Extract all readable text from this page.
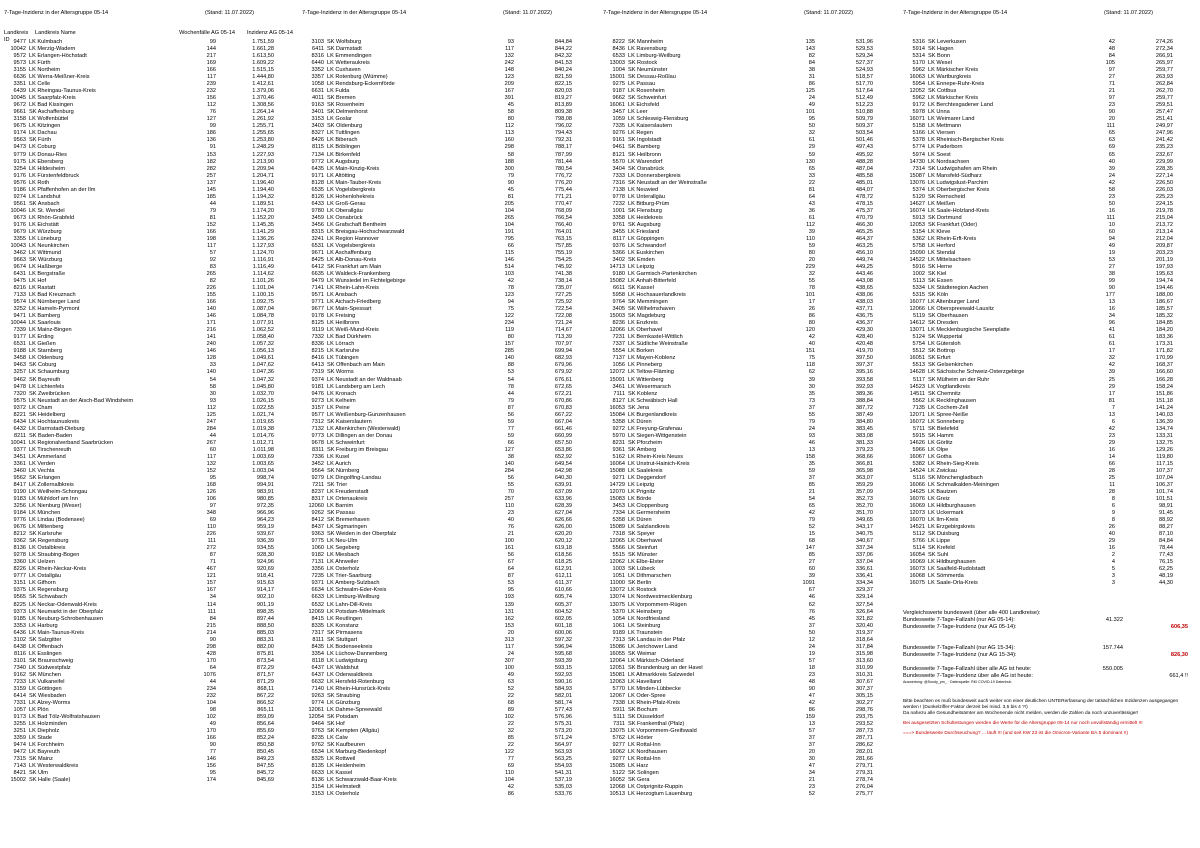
7-Tage-Inzidenz in der Altersgruppe 05-14	(Stand: 11.07.2022)
Landkreis ID
Landkreis Name	Wochenfälle AG 05-14	Inzidenz AG 05-14
9477 LK Kulmbach	99	1.751,59
10042 LK Merzig-Wadern	144	1.661,28
9572 LK Erlangen-Höchstadt	217	1.613,50
9573 LK Fürth	169	1.609,22
3155 LK Northeim	166	1.515,15
6636 LK Werra-Meißner-Kreis	117	1.444,80
3351 LK Celle	239	1.412,61
6439 LK Rheingau-Taunus-Kreis	232	1.379,06
10045 LK Saarpfalz-Kreis	156	1.370,46
9672 LK Bad Kissingen	112	1.308,56
9661 SK Aschaffenburg	76	1.264,14
3158 LK Wolfenbüttel	127	1.261,92
9675 LK Kitzingen	99	1.255,71
9174 LK Dachau	186	1.255,65
9563 SK Fürth	136	1.253,80
9473 LK Coburg	91	1.248,29
9779 LK Donau-Ries	153	1.227,93
9175 LK Ebersberg	182	1.213,90
3254 LK Hildesheim	282	1.209,94
9176 LK Fürstenfeldbruck	257	1.204,71
9576 LK Roth	137	1.196,40
9186 LK Pfaffenhofen an der Ilm	145	1.194,40
9274 LK Landshut	185	1.194,32
9561 SK Ansbach	44	1.189,51
10046 LK St. Wendel	79	1.174,20
9673 LK Rhön-Grabfeld	81	1.152,20
9176 LK Eichstätt	152	1.145,35
9679 LK Würzburg	166	1.141,29
3355 LK Lüneburg	198	1.136,26
10043 LK Neunkirchen	117	1.127,93
3462 LK Wittmund	57	1.124,70
9663 SK Würzburg	92	1.116,91
9674 LK Haßberge	83	1.116,49
6431 LK Bergstraße	265	1.114,62
9475 LK Hof	82	1.101,26
8216 LK Rastatt	226	1.101,04
7133 LK Bad Kreuznach	155	1.100,15
9574 LK Nürnberger Land	166	1.092,75
3252 LK Hameln-Pyrmont	140	1.087,04
9471 LK Bamberg	146	1.084,78
10044 LK Saarlouis	171	1.077,91
7339 LK Mainz-Bingen	216	1.062,52
9177 LK Erding	141	1.058,40
6531 LK Gießen	240	1.057,32
9188 LK Starnberg	146	1.056,13
3458 LK Oldenburg	128	1.049,61
9463 SK Coburg	33	1.047,62
3257 LK Schaumburg	140	1.047,36
9462 SK Bayreuth	54	1.047,32
9478 LK Lichtenfels	58	1.045,80
7320 SK Zweibrücken	30	1.032,70
9575 LK Neustadt an der Aisch-Bad Windsheim	93	1.026,15
9372 LK Cham	112	1.022,55
8221 SK Heidelberg	125	1.021,74
6434 LK Hochtaunuskreis	247	1.019,65
6432 LK Darmstadt-Dieburg	284	1.019,38
8211 SK Baden-Baden	44	1.014,76
10041 LK Regionalverband Saarbrücken	267	1.012,71
9377 LK Tirschenreuth	60	1.011,98
3451 LK Ammerland	117	1.003,69
3361 LK Verden	132	1.003,65
3460 LK Vechta	152	1.003,04
9562 SK Erlangen	95	998,74
8417 LK Zollernalbkreis	168	994,91
9190 LK Weilheim-Schongau	126	983,91
9183 LK Mühldorf am Inn	106	980,85
3256 LK Nienburg (Weser)	97	972,35
9184 LK München	348	966,96
9776 LK Lindau (Bodensee)	69	964,23
9676 LK Miltenberg	110	959,19
8212 SK Karlsruhe	226	939,67
9362 SK Regensburg	111	936,39
8136 LK Ostalbkreis	272	934,55
9278 LK Straubing-Bogen	87	928,30
3360 LK Uelzen	71	924,96
8226 LK Rhein-Neckar-Kreis	467	920,69
9777 LK Ostallgäu	121	918,41
3151 LK Gifhorn	157	915,63
9375 LK Regensburg	167	914,17
9565 SK Schwabach	34	902,10
8225 LK Neckar-Odenwald-Kreis	114	901,19
9373 LK Neumarkt in der Oberpfalz	111	898,35
9185 LK Neuburg-Schrobenhausen	84	897,44
3353 LK Harburg	215	888,50
6436 LK Main-Taunus-Kreis	214	885,03
3102 SK Salzgitter	90	883,31
6438 LK Offenbach	298	882,00
8116 LK Esslingen	428	875,81
3101 SK Braunschweig	170	873,54
7340 LK Südwestpfalz	64	872,29
9162 SK München	1076	871,57
7233 LK Vulkaneifel	44	871,29
3159 LK Göttingen	234	868,11
6414 SK Wiesbaden	232	867,22
7331 LK Alzey-Worms	104	866,52
1057 LK Plön	98	865,11
9173 LK Bad Tölz-Wolfratshausen	102	859,09
3255 LK Holzminden	49	856,64
3251 LK Diepholz	170	855,69
3359 LK Stade	166	852,24
9474 LK Forchheim	90	850,58
9472 LK Bayreuth	77	850,45
7315 SK Mainz	146	849,23
7143 LK Westerwaldkreis	156	847,55
8421 SK Ulm	95	845,72
15002 SK Halle (Saale)	174	845,69
7-Tage-Inzidenz in der Altersgruppe 05-14	(Stand: 11.07.2022)
3103 SK Wolfsburg	93	844,84
6411 SK Darmstadt	117	844,22
8316 LK Emmendingen	132	842,32
6440 LK Wetteraukreis	242	841,53
3352 LK Cuxhaven	148	840,24
3357 LK Rotenburg (Wümme)	123	821,59
1058 LK Rendsburg-Eckernförde	209	822,15
6631 LK Fulda	167	820,03
4011 SK Bremen	391	819,27
9163 SK Rosenheim	45	813,89
3401 SK Delmenhorst	58	809,38
3153 LK Goslar	80	798,08
3403 SK Oldenburg	112	796,02
8327 LK Tuttlingen	113	794,43
8426 LK Biberach	160	792,31
8115 LK Böblingen	298	788,17
7134 LK Birkenfeld	58	787,99
9772 LK Augsburg	188	781,44
6435 LK Main-Kinzig-Kreis	300	780,54
9171 LK Altötting	79	776,72
8128 LK Main-Tauber-Kreis	90	776,20
6535 LK Vogelsbergkreis	45	775,44
8126 LK Hohenlohekreis	81	771,21
6433 LK Groß-Gerau	205	770,47
9780 LK Oberallgäu	104	768,09
3459 LK Osnabrück	265	766,54
3456 LK Grafschaft Bentheim	104	766,40
8315 LK Breisgau-Hochschwarzwald	191	764,01
3241 LK Region Hannover	795	763,15
6531 LK Vogelsbergkreis	66	757,85
9671 LK Aschaffenburg	115	755,19
8425 LK Alb-Donau-Kreis	146	754,25
6412 SK Frankfurt am Main	514	745,92
6635 LK Waldeck-Frankenberg	103	741,38
9479 LK Wunsiedel im Fichtelgebirge	42	738,14
7141 LK Rhein-Lahn-Kreis	78	735,07
9571 LK Ansbach	123	727,25
9771 LK Aichach-Friedberg	94	725,92
9677 LK Main-Spessart	75	722,54
9178 LK Freising	122	722,08
8125 LK Heilbronn	234	721,24
9119 LK Weiß-Mund-Kreis	119	714,67
7332 LK Bad Dürkheim	80	713,39
8336 LK Lörrach	157	707,97
8215 LK Karlsruhe	285	699,94
8416 LK Tübingen	140	682,93
6413 SK Offenbach am Main	88	679,96
7319 SK Worms	53	679,92
9374 LK Neustadt an der Waldnaab	54	676,61
9181 LK Landsberg am Lech	78	672,65
9476 LK Kronach	44	672,21
9273 LK Kelheim	79	670,86
3157 LK Peine	87	670,83
9577 LK Weißenburg-Gunzenhausen	56	667,22
7312 SK Kaiserslautern	59	667,04
7132 LK Altenkirchen (Westerwald)	77	661,46
9773 LK Dillingen an der Donau	59	660,99
9678 LK Schweinfurt	66	657,50
8311 SK Freiburg im Breisgau	127	653,86
7336 LK Kusel	38	652,92
3452 LK Aurich	140	649,54
9564 SK Nürnberg	284	642,98
9279 LK Dingolfing-Landau	56	640,30
7211 SK Trier	55	639,91
8237 LK Freudenstadt	70	637,09
8317 LK Ortenaukreis	257	633,96
12060 LK Barnim	110	628,39
9262 SK Passau	23	627,04
8412 SK Bremerhaven	40	626,66
8437 LK Sigmaringen	76	626,00
9363 SK Weiden in der Oberpfalz	21	620,20
9775 LK Neu-Ulm	100	620,12
1060 LK Segeberg	161	619,18
9182 LK Miesbach	56	618,56
7131 LK Ahrweiler	67	618,25
3356 LK Osterholz	64	612,91
7235 LK Trier-Saarburg	87	612,11
9371 LK Amberg-Sulzbach	53	611,37
6634 LK Schwalm-Eder-Kreis	95	610,66
6633 LK Limburg-Weilburg	193	605,74
6532 LK Lahn-Dill-Kreis	139	605,37
12069 LK Potsdam-Mittelmark	131	604,52
8415 LK Reutlingen	162	602,05
8335 LK Konstanz	153	601,18
7317 SK Pirmasens	20	600,06
8111 SK Stuttgart	313	597,32
8435 LK Bodenseekreis	117	596,94
3354 LK Lüchow-Dannenberg	24	595,68
8118 LK Ludwigsburg	307	593,39
6437 LK Waldshut	100	593,15
6437 LK Odenwaldkreis	49	592,93
6632 LK Hersfeld-Rotenburg	63	590,16
7140 LK Rhein-Hunsrück-Kreis	52	584,93
9263 SK Straubing	22	582,01
9774 LK Günzburg	68	581,74
12061 LK Dahme-Spreewald	89	577,43
12054 SK Potsdam	102	576,96
9464 SK Hof	22	575,31
9763 SK Kempten (Allgäu)	32	573,20
8235 LK Calw	85	571,24
9762 SK Kaufbeuren	22	564,97
6534 LK Marburg-Biedenkopf	122	563,93
8325 LK Rottweil	77	563,25
8135 LK Heidenheim	69	554,93
6633 LK Kassel	110	541,31
8136 LK Schwarzwald-Baar-Kreis	104	537,19
3154 LK Helmstedt	42	535,03
3153 LK Osterholz	86	533,76
7-Tage-Inzidenz in der Altersgruppe 05-14	(Stand: 11.07.2022)
8222 SK Mannheim	135	531,96
8436 LK Ravensburg	143	529,53
6533 LK Limburg-Weilburg	82	529,34
13003 SK Rostock	84	527,37
1004 SK Neumünster	38	524,93
15001 SK Dessau-Roßlau	31	518,57
9275 LK Passau	86	517,70
9187 LK Rosenheim	125	517,64
9662 SK Schweinfurt	24	512,49
16061 LK Eichsfeld	49	512,23
3457 LK Leer	101	510,88
1059 LK Schleswig-Flensburg	95	509,79
7335 LK Kaiserslautern	50	509,37
9276 LK Regen	32	503,54
9161 SK Ingolstadt	61	501,46
9461 SK Bamberg	29	497,43
8121 SK Heilbronn	59	495,92
5570 LK Warendorf	130	488,28
3404 SK Osnabrück	65	487,04
7333 LK Donnersbergkreis	33	485,58
7316 SK Neustadt an der Weinstraße	22	485,01
7138 LK Neuwied	81	484,07
9778 LK Unterallgäu	64	478,72
7232 LK Bitburg-Prüm	43	478,15
1001 SK Flensburg	36	475,37
3358 LK Heidekreis	61	470,79
9761 SK Augsburg	112	466,30
3455 LK Friesland	39	465,25
8117 LK Göppingen	110	464,37
9376 LK Schwandorf	59	463,25
5366 LK Euskirchen	80	456,10
3402 SK Emden	20	449,74
14713 LK Leipzig	229	449,25
9180 LK Garmisch-Partenkirchen	32	443,46
15082 LK Anhalt-Bitterfeld	55	443,08
6611 SK Kassel	78	438,65
5958 LK Hochsauerlandkreis	101	438,06
9764 SK Memmingen	17	438,03
3405 SK Wilhelmshaven	26	437,71
15003 SK Magdeburg	86	436,75
8236 LK Enzkreis	80	436,37
12066 LK Oberhavel	120	429,30
7231 LK Bernkastel-Wittlich	42	428,40
7337 LK Südliche Weinstraße	40	420,48
5554 LK Borken	151	419,70
7137 LK Mayen-Koblenz	75	397,50
1056 LK Pinneberg	118	397,37
12072 LK Teltow-Fläming	62	395,16
15091 LK Wittenberg	39	393,58
3461 LK Wesermarsch	30	392,93
7111 SK Koblenz	35	389,36
8127 LK Schwäbisch Hall	73	388,84
16053 SK Jena	37	387,72
15084 LK Burgenlandkreis	55	387,49
5358 LK Düren	79	384,80
9272 LK Freyung-Grafenau	24	383,45
5970 LK Siegen-Wittgenstein	93	383,08
8231 SK Pforzheim	46	381,33
9361 SK Amberg	13	379,23
5162 LK Rhein-Kreis Neuss	158	368,66
16064 LK Unstrut-Hainich-Kreis	35	366,81
15088 LK Saalekreis	59	365,98
9271 LK Deggendorf	37	363,07
14729 LK Leipzig	85	359,29
12070 LK Prignitz	21	357,09
15083 LK Börde	54	352,73
3453 LK Cloppenburg	65	352,70
7334 LK Germersheim	42	351,70
5358 LK Düren	79	349,65
15089 LK Salzlandkreis	52	343,17
7318 SK Speyer	15	340,75
12065 LK Oberhavel	68	340,67
5566 LK Steinfurt	147	337,34
5515 SK Münster	85	337,06
12062 LK Elbe-Elster	27	337,04
1003 SK Lübeck	60	336,61
1051 LK Dithmarschen	39	336,41
11000 SK Berlin	1091	334,34
13072 LK Rostock	67	329,37
13074 LK Nordwestmecklenburg	46	329,14
13075 LK Vorpommern-Rügen	62	327,54
5370 LK Heinsberg	76	326,64
1054 LK Nordfriesland	45	321,82
1061 LK Steinburg	37	320,40
9189 LK Traunstein	50	319,37
7313 SK Landau in der Pfalz	12	318,64
15086 LK Jerichower Land	24	317,84
16055 SK Weimar	19	315,98
12064 LK Märkisch-Oderland	57	313,60
12051 SK Brandenburg an der Havel	18	310,99
15081 LK Altmarkkreis Salzwedel	23	310,31
12063 LK Havelland	48	307,67
5770 LK Minden-Lübbecke	90	307,37
12067 LK Oder-Spree	47	305,15
7338 LK Rhein-Pfalz-Kreis	42	302,27
5911 SK Bochum	86	298,76
5111 SK Düsseldorf	159	293,75
7311 SK Frankenthal (Pfalz)	13	293,52
13075 LK Vorpommern-Greifswald	57	287,73
5762 LK Höxter	37	287,71
9277 LK Rottal-Inn	37	286,62
16062 LK Nordhausen	20	282,01
9277 LK Rottal-Inn	30	281,66
15085 LK Harz	47	279,71
5122 SK Solingen	34	279,31
16052 SK Gera	21	278,74
12068 LK Ostprignitz-Ruppin	23	276,04
10513 LK Herzogtum Lauenburg	52	275,77
7-Tage-Inzidenz in der Altersgruppe 05-14	(Stand: 11.07.2022)
5316 SK Leverkusen	42	274,26
5914 SK Hagen	48	272,34
5314 SK Bonn	84	266,91
5170 LK Wesel	105	265,97
5962 LK Märkischer Kreis	97	259,77
16063 LK Wartburgkreis	27	263,93
5954 LK Ennepe-Ruhr-Kreis	71	262,84
12052 SK Cottbus	21	262,70
5962 LK Märkischer Kreis	97	259,77
9172 LK Berchtesgadener Land	23	259,51
5978 LK Unna	90	257,47
16071 LK Weimarer Land	20	251,41
5158 LK Mettmann	111	249,97
5166 LK Viersen	65	247,96
5378 LK Rheinisch-Bergischer Kreis	63	241,42
5774 LK Paderborn	69	235,23
5974 LK Soest	65	232,67
14730 LK Nordsachsen	40	229,99
7314 SK Ludwigshafen am Rhein	39	228,35
15087 LK Mansfeld-Südharz	24	227,14
13076 LK Ludwigslust-Parchim	42	226,50
5374 LK Oberbergischer Kreis	58	226,03
5120 SK Remscheid	23	225,23
14627 LK Meißen	50	224,15
16074 LK Saale-Holzland-Kreis	16	219,78
5913 SK Dortmund	111	215,04
12053 SK Frankfurt (Oder)	10	213,72
5154 LK Kleve	60	213,14
5362 LK Rhein-Erft-Kreis	94	212,04
5758 LK Herford	49	209,87
15090 LK Stendal	19	203,23
14522 LK Mittelsachsen	53	201,19
5916 SK Herne	27	197,93
1002 SK Kiel	38	195,63
5113 SK Essen	99	194,74
5334 LK Städteregion Aachen	90	194,46
5315 SK Köln	177	188,00
16077 LK Altenburger Land	13	186,67
12066 LK Oberspreewald-Lausitz	16	185,57
5119 SK Oberhausen	34	185,32
14612 SK Dresden	96	184,85
13071 LK Mecklenburgische Seenplatte	41	184,20
5124 SK Wuppertal	61	183,36
5754 LK Gütersloh	61	173,31
5512 SK Bottrop	17	171,82
16051 SK Erfurt	32	170,99
5513 SK Gelsenkirchen	42	168,37
14628 LK Sächsische Schweiz-Osterzgebirge	39	166,60
5117 SK Mülheim an der Ruhr	25	166,28
14523 LK Vogtlandkreis	29	158,24
14511 SK Chemnitz	17	151,86
5562 LK Recklinghausen	81	151,18
7135 LK Cochem-Zell	7	141,24
12071 LK Spree-Neiße	13	140,03
16072 LK Sonneberg	6	136,39
5711 SK Bielefeld	42	134,74
5915 SK Hamm	23	133,31
14626 LK Görlitz	29	132,75
5966 LK Olpe	16	129,26
16067 LK Gotha	14	119,80
5382 LK Rhein-Sieg-Kreis	66	117,15
14524 LK Zwickau	28	107,37
5116 SK Mönchengladbach	25	107,04
16066 LK Schmalkalden-Meiningen	11	106,37
14625 LK Bautzen	28	101,74
16076 LK Greiz	8	101,51
16069 LK Hildburghausen	6	98,91
12073 LK Uckermark	9	91,45
16070 LK Ilm-Kreis	8	88,92
14521 LK Erzgebirgskreis	26	88,27
5112 SK Duisburg	40	87,10
5766 LK Lippe	29	84,84
5114 SK Krefeld	16	78,44
16054 SK Suhl	2	77,43
16069 LK Hildburghausen	4	76,15
16073 LK Saalfeld-Rudolstadt	5	62,25
16068 LK Sömmerda	3	48,19
16075 LK Saale-Orla-Kreis	3	44,30
Vergleichswerte bundesweit (über alle 400 Landkreise):
Bundesweite 7-Tage-Fallzahl (nur AG 05-14):	41.322
Bundesweite 7-Tage-Inzidenz (nur AG 05-14):	606,35
Bundesweite 7-Tage-Fallzahl (nur AG 15-34):	157.744
Bundesweite 7-Tage-Inzidenz (nur AG 15-34):	826,30
Bundesweite 7-Tage-Fallzahl über alle AG ist heute:	550.005
Bundesweite 7-Tage-Inzidenz über alle AG ist heute:	661,4 !!
Auswertung: @Sondy_pm_ · Datenquelle: RKI COVID-19 Datenhub
Bitte beachten es muß bundesweit auch weiter von einer deutlichen UNTERerfassung der tatsächlichen Inzidenzen ausgegangen werden ! (Dunkelziffer-Faktor derzeit bei mind. 3,5 bis 4 ?!)
Da nahezu alle Gesundheitsämter am Wochenende nicht melden, werden die Zahlen da noch unzuverlässiger!
Bei ausgesetzten Schultestungen werden die Werte für die Altersgruppe 05-14 nur noch unvollständig ermittelt !!!
===> Bundesweite Durchseuchung? ... läuft !!! (und seit KW 23 ist die Omicron-Variante BA.5 dominant !!)
